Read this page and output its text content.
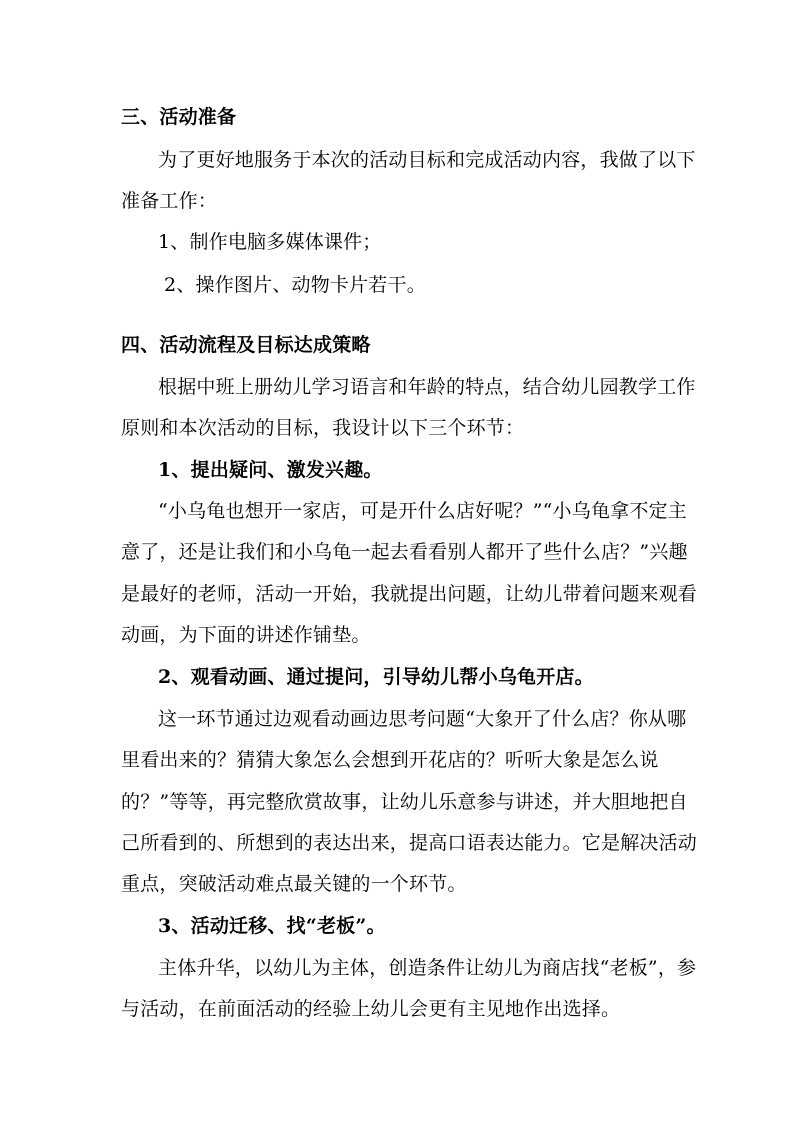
三、活动准备
为了更好地服务于本次的活动目标和完成活动内容，我做了以下
准备工作：
1、制作电脑多媒体课件；
2、操作图片、动物卡片若干。
四、活动流程及目标达成策略
根据中班上册幼儿学习语言和年龄的特点，结合幼儿园教学工作
原则和本次活动的目标，我设计以下三个环节：
1、提出疑问、激发兴趣。
“小乌龟也想开一家店，可是开什么店好呢？”“小乌龟拿不定主
意了，还是让我们和小乌龟一起去看看别人都开了些什么店？”兴趣
是最好的老师，活动一开始，我就提出问题，让幼儿带着问题来观看
动画，为下面的讲述作铺垫。
2、观看动画、通过提问，引导幼儿帮小乌龟开店。
这一环节通过边观看动画边思考问题“大象开了什么店？你从哪
里看出来的？猜猜大象怎么会想到开花店的？听听大象是怎么说
的？”等等，再完整欣赏故事，让幼儿乐意参与讲述，并大胆地把自
己所看到的、所想到的表达出来，提高口语表达能力。它是解决活动
重点，突破活动难点最关键的一个环节。
3、活动迁移、找“老板”。
主体升华，以幼儿为主体，创造条件让幼儿为商店找“老板”，参
与活动，在前面活动的经验上幼儿会更有主见地作出选择。
